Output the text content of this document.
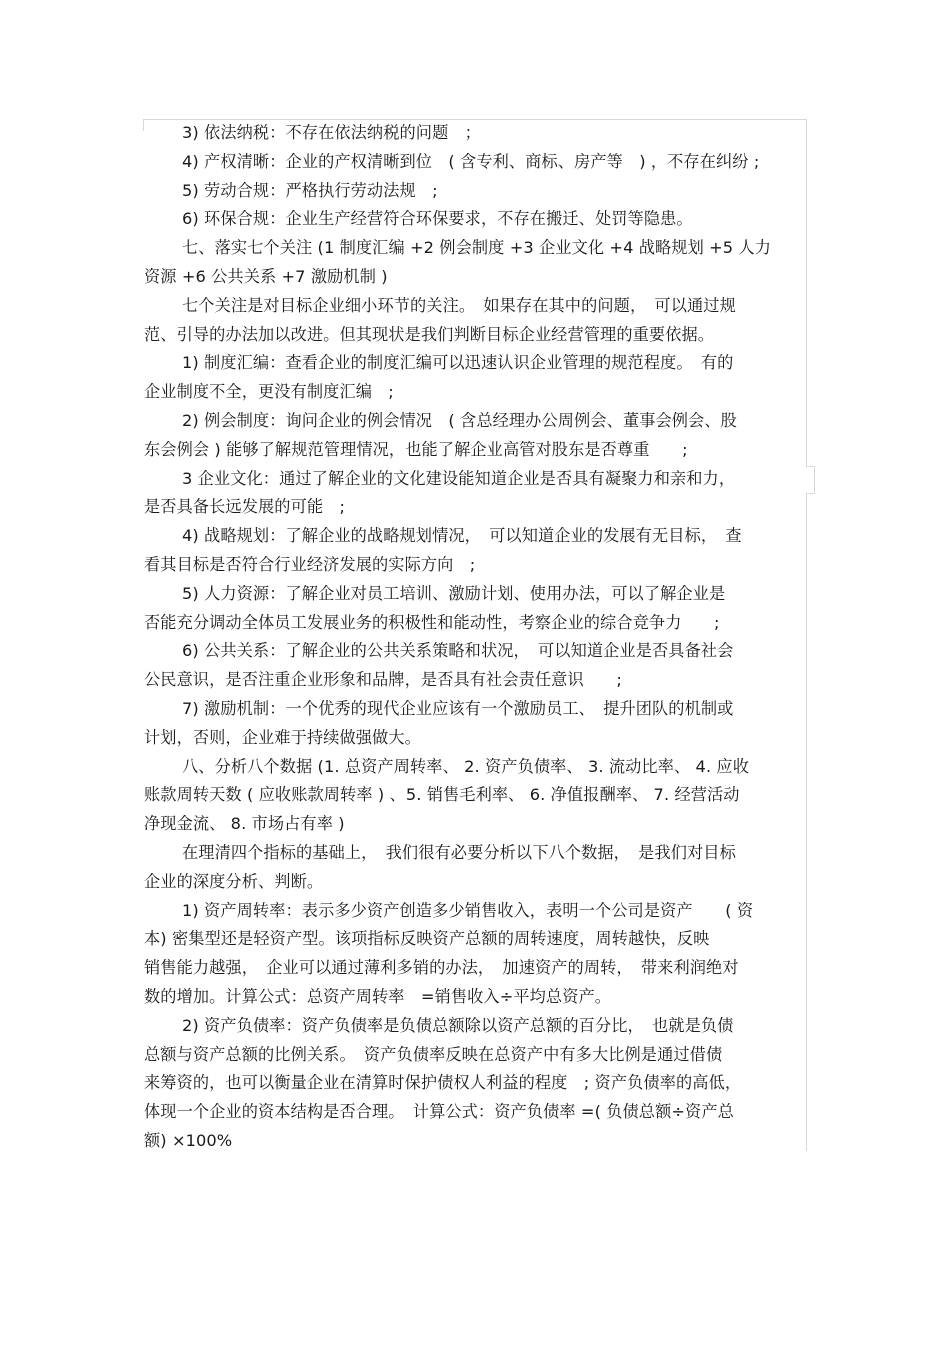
3) 依法纳税：不存在依法纳税的问题　；
4) 产权清晰：企业的产权清晰到位　( 含专利、商标、房产等　) ，不存在纠纷 ;
5) 劳动合规：严格执行劳动法规　;
6) 环保合规：企业生产经营符合环保要求，不存在搬迁、处罚等隐患。
七、落实七个关注 (1 制度汇编 +2 例会制度 +3 企业文化 +4 战略规划 +5 人力
资源 +6 公共关系 +7 激励机制 )
七个关注是对目标企业细小环节的关注。　如果存在其中的问题，　可以通过规
范、引导的办法加以改进。但其现状是我们判断目标企业经营管理的重要依据。
1) 制度汇编：查看企业的制度汇编可以迅速认识企业管理的规范程度。　有的
企业制度不全，更没有制度汇编　;
2) 例会制度：询问企业的例会情况　( 含总经理办公周例会、董事会例会、股
东会例会 ) 能够了解规范管理情况，也能了解企业高管对股东是否尊重　　;
3 企业文化：通过了解企业的文化建设能知道企业是否具有凝聚力和亲和力，
是否具备长远发展的可能　;
4) 战略规划：了解企业的战略规划情况，　可以知道企业的发展有无目标，　查
看其目标是否符合行业经济发展的实际方向　;
5) 人力资源：了解企业对员工培训、激励计划、使用办法，可以了解企业是
否能充分调动全体员工发展业务的积极性和能动性，考察企业的综合竞争力　　;
6) 公共关系：了解企业的公共关系策略和状况，　可以知道企业是否具备社会
公民意识，是否注重企业形象和品牌，是否具有社会责任意识　　;
7) 激励机制：一个优秀的现代企业应该有一个激励员工、　提升团队的机制或
计划，否则，企业难于持续做强做大。
八、分析八个数据 (1. 总资产周转率、 2. 资产负债率、 3. 流动比率、 4. 应收
账款周转天数 ( 应收账款周转率 ) 、5. 销售毛利率、 6. 净值报酬率、 7. 经营活动
净现金流、 8. 市场占有率 )
在理清四个指标的基础上，　我们很有必要分析以下八个数据，　是我们对目标
企业的深度分析、判断。
1) 资产周转率：表示多少资产创造多少销售收入，表明一个公司是资产　　( 资
本) 密集型还是轻资产型。该项指标反映资产总额的周转速度，周转越快，反映
销售能力越强，　企业可以通过薄利多销的办法，　加速资产的周转，　带来利润绝对
数的增加。计算公式：总资产周转率　=销售收入÷平均总资产。
2) 资产负债率：资产负债率是负债总额除以资产总额的百分比，　也就是负债
总额与资产总额的比例关系。　资产负债率反映在总资产中有多大比例是通过借债
来筹资的，也可以衡量企业在清算时保护债权人利益的程度　; 资产负债率的高低，
体现一个企业的资本结构是否合理。　计算公式：资产负债率 =( 负债总额÷资产总
额) ×100%
